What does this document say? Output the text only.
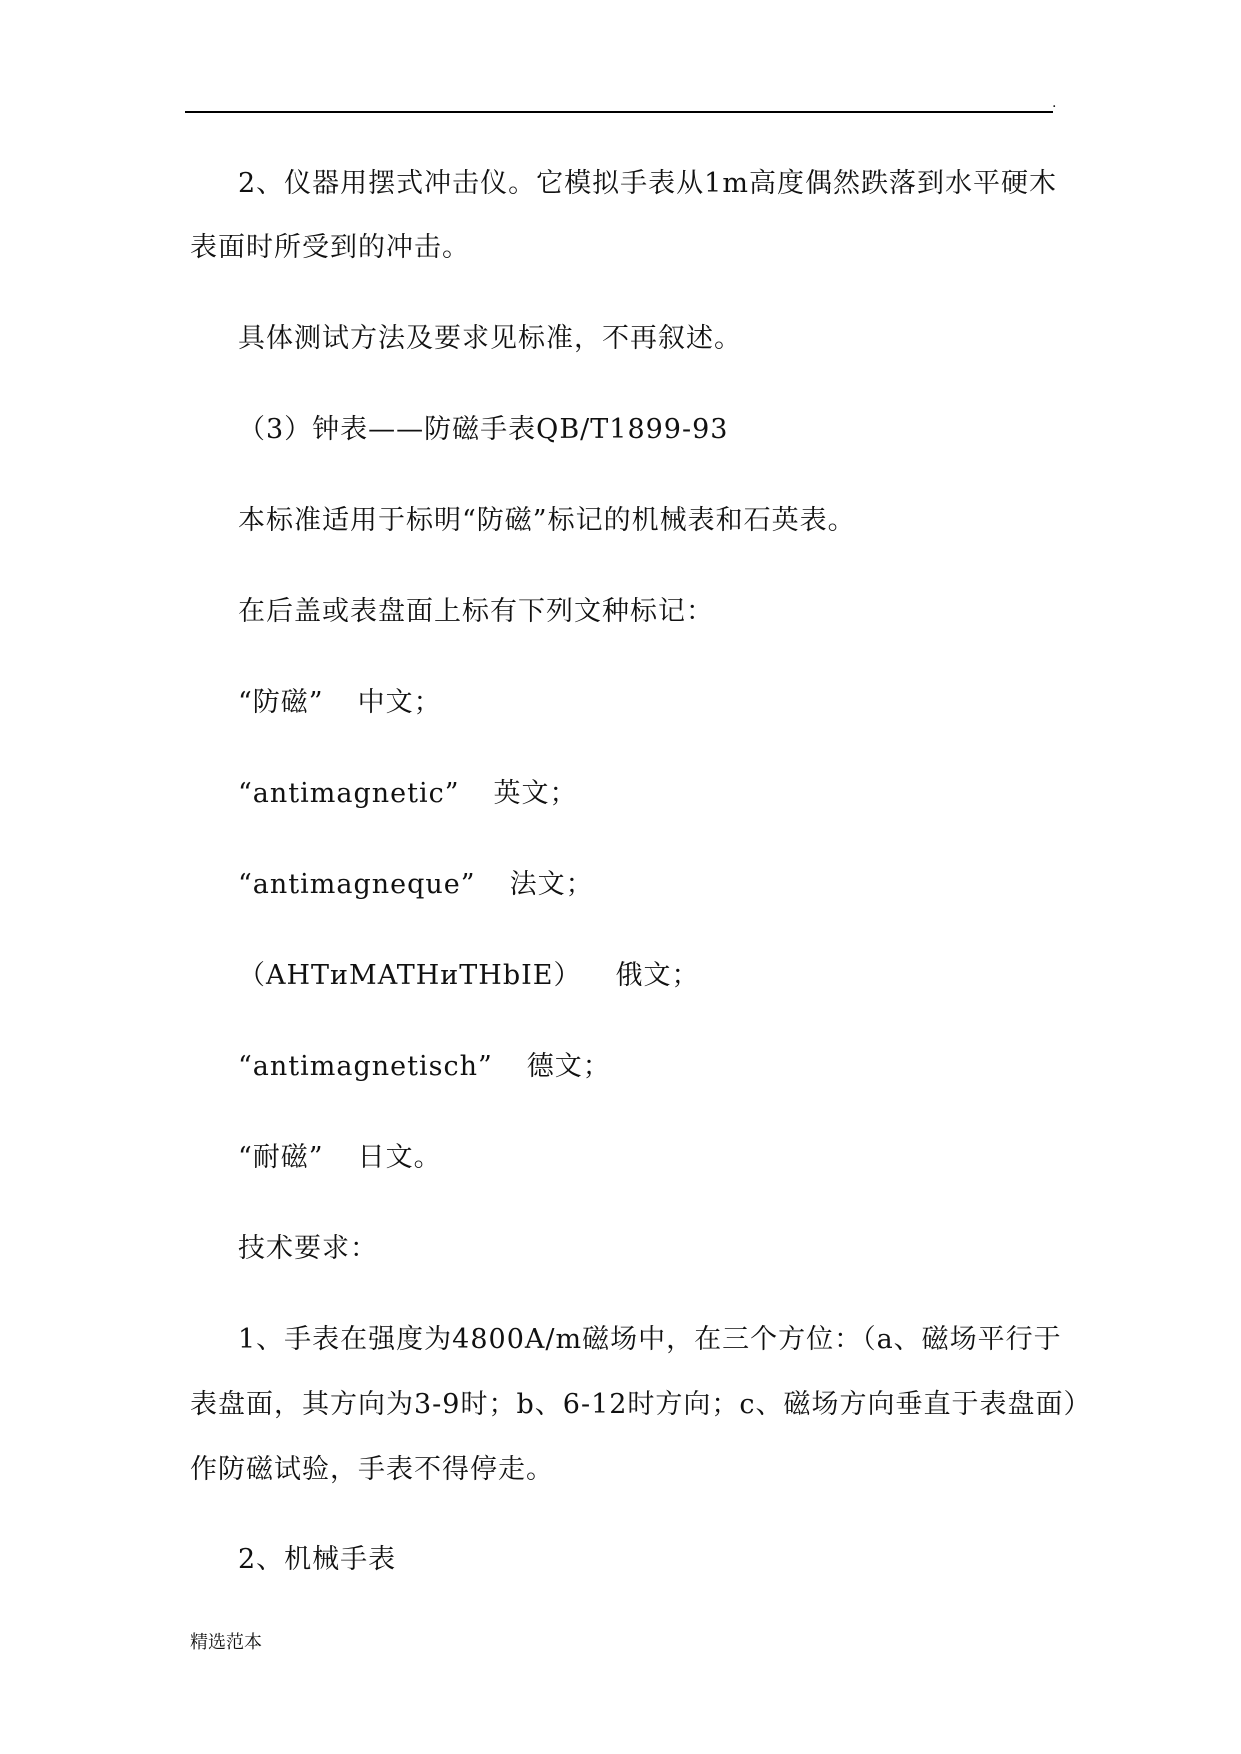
.
2、仪器用摆式冲击仪。它模拟手表从1m高度偶然跌落到水平硬木
表面时所受到的冲击。
具体测试方法及要求见标准，不再叙述。
（3）钟表——防磁手表QB/T1899-93
本标准适用于标明“防磁”标记的机械表和石英表。
在后盖或表盘面上标有下列文种标记：
“防磁” 中文；
“antimagnetic” 英文；
“antimagneque” 法文；
（AHTиMATHиTHbIE） 俄文；
“antimagnetisch” 德文；
“耐磁” 日文。
技术要求：
1、手表在强度为4800A/m磁场中，在三个方位：（a、磁场平行于
表盘面，其方向为3-9时；b、6-12时方向；c、磁场方向垂直于表盘面）
作防磁试验，手表不得停走。
2、机械手表
精选范本
